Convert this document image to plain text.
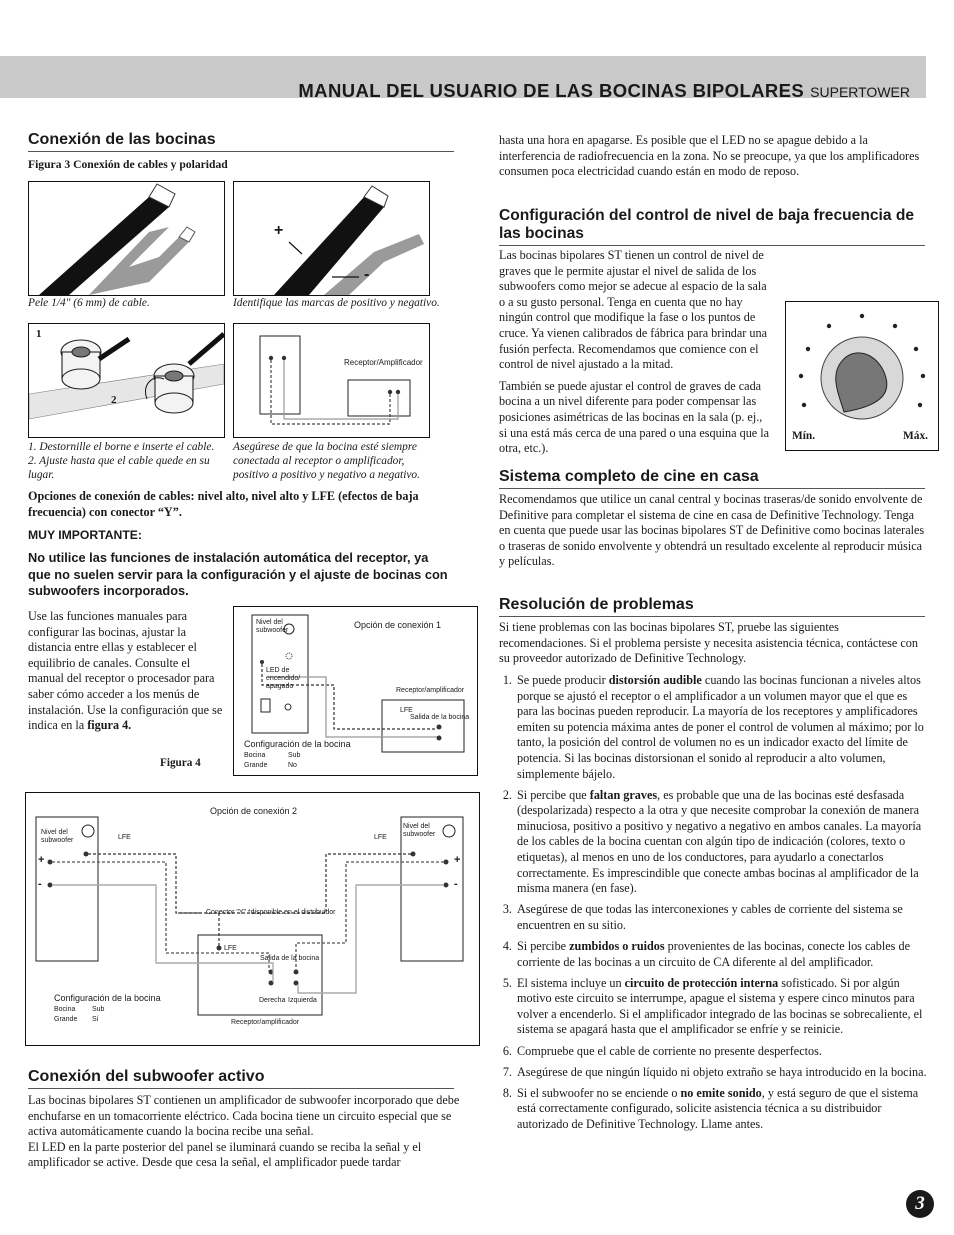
MANUAL DEL USUARIO DE LAS BOCINAS BIPOLARES SUPERTOWER
Conexión de las bocinas
Figura 3 Conexión de cables y polaridad
Pele 1/4" (6 mm) de cable.
+
-
Identifique las marcas de positivo y negativo.
1
2
1. Destornille el borne e inserte el cable.
2. Ajuste hasta que el cable quede en su lugar.
Receptor/Amplificador
Asegúrese de que la bocina esté siempre conectada al receptor o amplificador, positivo a positivo y negativo a negativo.
Opciones de conexión de cables: nivel alto, nivel alto y LFE (efectos de baja frecuencia) con conector “Y”.
MUY IMPORTANTE:
No utilice las funciones de instalación automática del receptor, ya que no suelen servir para la configuración y el ajuste de bocinas con subwoofers incorporados.
Use las funciones manuales para configurar las bocinas, ajustar la distancia entre ellas y establecer el equilibrio de canales. Consulte el
manual del receptor o procesador para saber cómo acceder a los menús de instalación. Use la configuración que se indica en la figura 4.
Figura 4
Nivel del subwoofer
LED de encendido/ apagado
Opción de conexión 1
Receptor/amplificador
LFE
Salida de la bocina
Configuración de la bocina
Bocina	Sub
Grande	No
Opción de conexión 2
Nivel del subwoofer
Nivel del subwoofer
LFE	LFE
+
-
+
-
Conector "Y" *disponible en el distribuidor
LFE
Salida de la bocina
Derecha Izquierda
Receptor/amplificador
Configuración de la bocina
Bocina Sub
Grande Sí
Conexión del subwoofer activo
Las bocinas bipolares ST contienen un amplificador de subwoofer incorporado que debe enchufarse en un tomacorriente eléctrico. Cada bocina tiene un circuito especial que se activa automáticamente cuando la bocina recibe una señal.
El LED en la parte posterior del panel se iluminará cuando se reciba la señal y el amplificador se active. Desde que cesa la señal, el amplificador puede tardar
hasta una hora en apagarse. Es posible que el LED no se apague debido a la interferencia de radiofrecuencia en la zona. No se preocupe, ya que los amplificadores consumen poca electricidad cuando están en modo de reposo.
Configuración del control de nivel de baja frecuencia de las bocinas
Las bocinas bipolares ST tienen un control de nivel de graves que le permite ajustar el nivel de salida de los subwoofers como mejor se adecue al espacio de la sala o a su gusto personal. Tenga en cuenta que no hay ningún control que modifique la fase o los puntos de cruce. Ya vienen calibrados de fábrica para brindar una fusión perfecta. Recomendamos que comience con el control de nivel ajustado a la mitad.
También se puede ajustar el control de graves de cada bocina a un nivel diferente para poder compensar las posiciones asimétricas de las bocinas en la sala (p. ej., si una está más cerca de una pared o una esquina que la otra, etc.).
Mín.	Máx.
Sistema completo de cine en casa
Recomendamos que utilice un canal central y bocinas traseras/de sonido envolvente de Definitive para completar el sistema de cine en casa de Definitive Technology. Tenga en cuenta que puede usar las bocinas bipolares ST de Definitive como bocinas laterales o traseras de sonido envolvente y obtendrá un resultado excelente al reproducir música y películas.
Resolución de problemas
Si tiene problemas con las bocinas bipolares ST, pruebe las siguientes recomendaciones. Si el problema persiste y necesita asistencia técnica, contáctese con su proveedor autorizado de Definitive Technology.
1. Se puede producir distorsión audible cuando las bocinas funcionan a niveles altos porque se ajustó el receptor o el amplificador a un volumen mayor que el que es para las bocinas pueden reproducir. La mayoría de los receptores y amplificadores emiten su potencia máxima antes de poner el control de volumen al máximo; por lo tanto, la posición del control de volumen no es un indicador exacto del límite de potencia. Si las bocinas distorsionan el sonido al reproducir a alto volumen, simplemente bájelo.
2. Si percibe que faltan graves, es probable que una de las bocinas esté desfasada (despolarizada) respecto a la otra y que necesite comprobar la conexión de manera minuciosa, positivo a positivo y negativo a negativo en ambos canales. La mayoría de los cables de la bocina cuentan con algún tipo de indicación (colores, texto o etiquetas), al menos en uno de los conductores, para ayudarlo a conectarlos correctamente. Es imprescindible que conecte ambas bocinas al amplificador de la misma manera (en fase).
3. Asegúrese de que todas las interconexiones y cables de corriente del sistema se encuentren en su sitio.
4. Si percibe zumbidos o ruidos provenientes de las bocinas, conecte los cables de corriente de las bocinas a un circuito de CA diferente al del amplificador.
5. El sistema incluye un circuito de protección interna sofisticado. Si por algún motivo este circuito se interrumpe, apague el sistema y espere cinco minutos para volver a encenderlo. Si el amplificador integrado de las bocinas se sobrecaliente, el sistema se apagará hasta que el amplificador se enfríe y se reinicie.
6. Compruebe que el cable de corriente no presente desperfectos.
7. Asegúrese de que ningún líquido ni objeto extraño se haya introducido en la bocina.
8. Si el subwoofer no se enciende o no emite sonido, y está seguro de que el sistema está correctamente configurado, solicite asistencia técnica a su distribuidor autorizado de Definitive Technology. Llame antes.
3
